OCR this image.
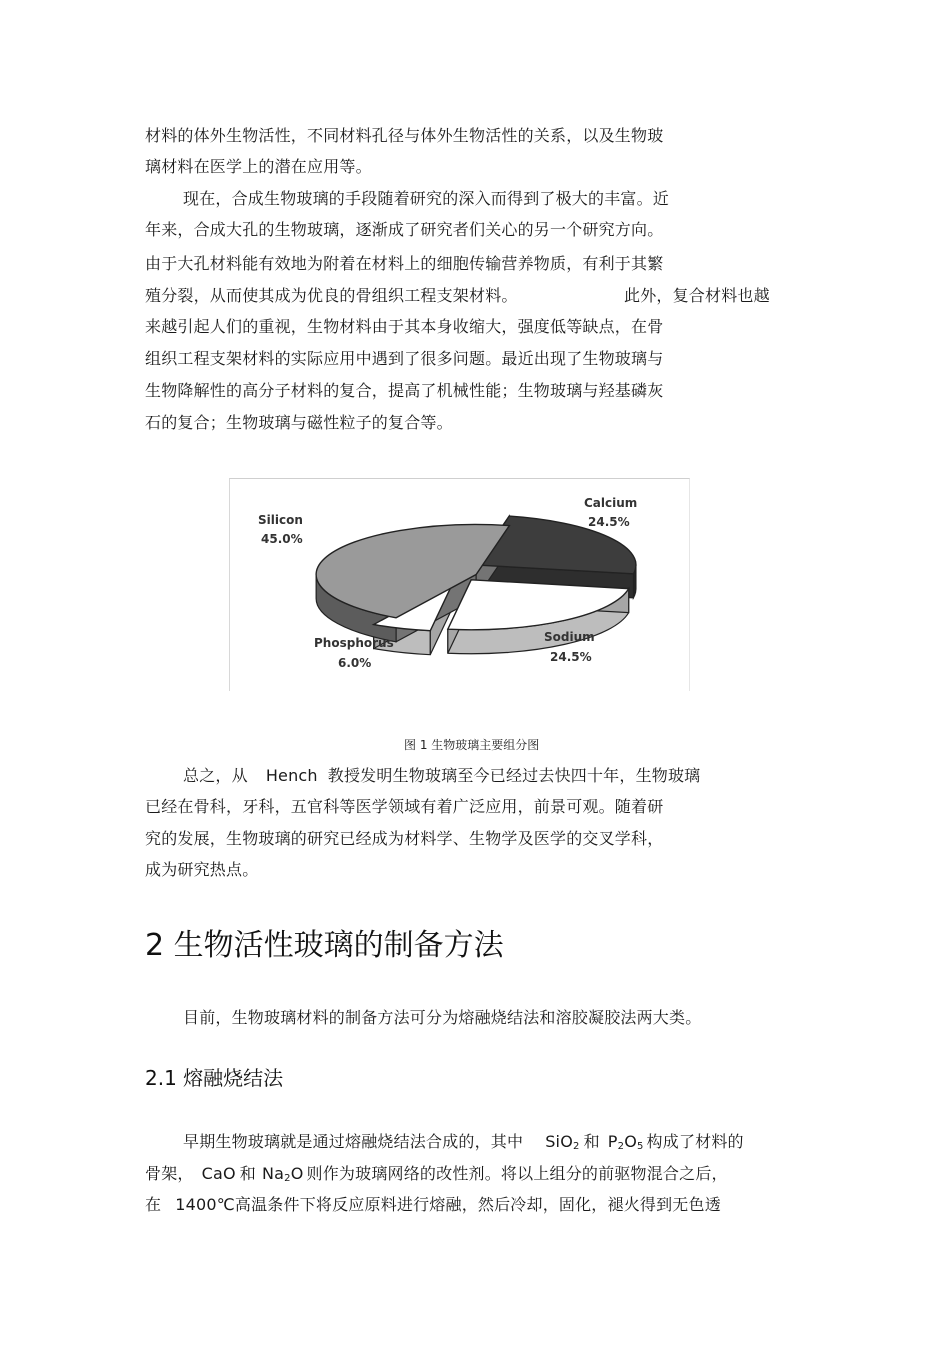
材料的体外生物活性，不同材料孔径与体外生物活性的关系，以及生物玻
璃材料在医学上的潜在应用等。
现在，合成生物玻璃的手段随着研究的深入而得到了极大的丰富。近
年来，合成大孔的生物玻璃，逐渐成了研究者们关心的另一个研究方向。
由于大孔材料能有效地为附着在材料上的细胞传输营养物质，有利于其繁
殖分裂，从而使其成为优良的骨组织工程支架材料。	此外，复合材料也越
来越引起人们的重视，生物材料由于其本身收缩大，强度低等缺点，在骨
组织工程支架材料的实际应用中遇到了很多问题。最近出现了生物玻璃与
生物降解性的高分子材料的复合，提高了机械性能；生物玻璃与羟基磷灰
石的复合；生物玻璃与磁性粒子的复合等。
Silicon
45.0%
Calcium
24.5%
Sodium
24.5%
Phosphorus
6.0%
图 1 生物玻璃主要组分图
总之，从 Hench 教授发明生物玻璃至今已经过去快四十年，生物玻璃
已经在骨科，牙科，五官科等医学领域有着广泛应用，前景可观。随着研
究的发展，生物玻璃的研究已经成为材料学、生物学及医学的交叉学科，
成为研究热点。
2 生物活性玻璃的制备方法
目前，生物玻璃材料的制备方法可分为熔融烧结法和溶胶凝胶法两大类。
2.1 熔融烧结法
早期生物玻璃就是通过熔融烧结法合成的，其中 SiO$_2$ 和 $P_2O_5$ 构成了材料的
骨架， CaO 和 $Na_2O$ 则作为玻璃网络的改性剂。将以上组分的前驱物混合之后，
在 1400℃高温条件下将反应原料进行熔融，然后冷却，固化，褪火得到无色透
